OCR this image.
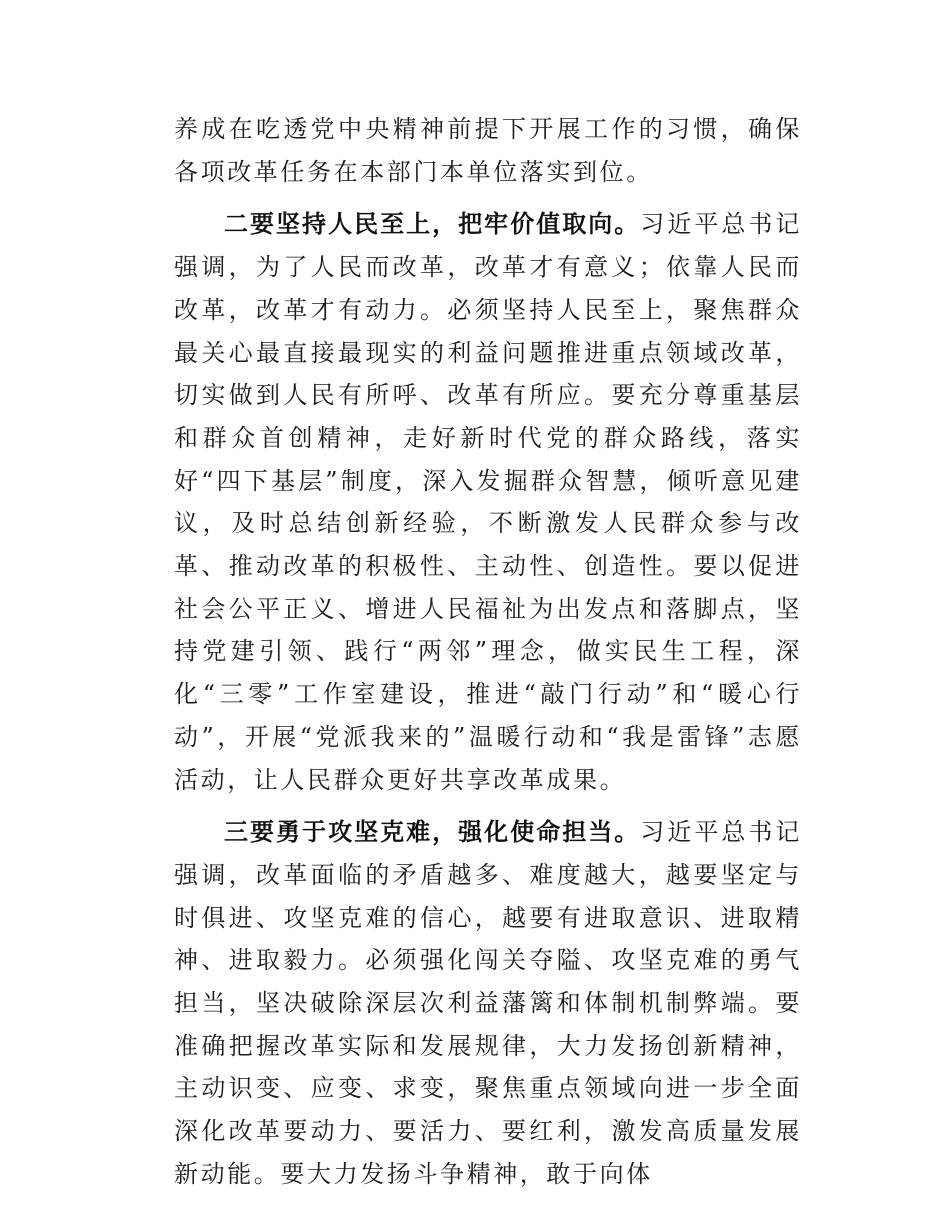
养成在吃透党中央精神前提下开展工作的习惯，确保各项改革任务在本部门本单位落实到位。

二要坚持人民至上，把牢价值取向。习近平总书记强调，为了人民而改革，改革才有意义；依靠人民而改革，改革才有动力。必须坚持人民至上，聚焦群众最关心最直接最现实的利益问题推进重点领域改革，切实做到人民有所呼、改革有所应。要充分尊重基层和群众首创精神，走好新时代党的群众路线，落实好“四下基层”制度，深入发掘群众智慧，倾听意见建议，及时总结创新经验，不断激发人民群众参与改革、推动改革的积极性、主动性、创造性。要以促进社会公平正义、增进人民福祉为出发点和落脚点，坚持党建引领、践行“两邻”理念，做实民生工程，深化“三零”工作室建设，推进“敲门行动”和“暖心行动”，开展“党派我来的”温暖行动和“我是雷锋”志愿活动，让人民群众更好共享改革成果。

三要勇于攻坚克难，强化使命担当。习近平总书记强调，改革面临的矛盾越多、难度越大，越要坚定与时俱进、攻坚克难的信心，越要有进取意识、进取精神、进取毅力。必须强化闯关夺隘、攻坚克难的勇气担当，坚决破除深层次利益藩篱和体制机制弊端。要准确把握改革实际和发展规律，大力发扬创新精神，主动识变、应变、求变，聚焦重点领域向进一步全面深化改革要动力、要活力、要红利，激发高质量发展新动能。要大力发扬斗争精神，敢于向体
